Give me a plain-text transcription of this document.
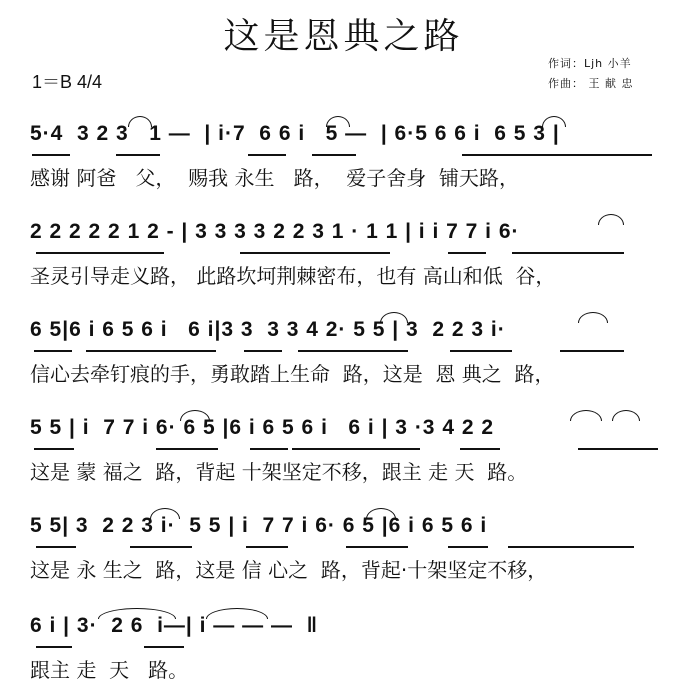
这是恩典之路
1＝B 4/4
作词：Ljh 小羊
作曲： 王 献 忠
5·4  3 2 3   1 —  | i·7  6 6 i   5 —  | 6·5 6 6 i  6 5 3 |
感谢 阿爸   父，  赐我 永生   路，  爱子舍身  铺天路，
2 2 2 2 2 1 2 - | 3 3 3 3 2 2 3 1 · 1 1 | i i 7 7 i 6·
圣灵引导走义路， 此路坎坷荆棘密布，也有 高山和低  谷，
6 5|6 i 6 5 6 i   6 i|3 3  3 3 4 2· 5 5 | 3  2 2 3 i·
信心去牵钉痕的手，勇敢踏上生命  路，这是  恩 典之  路，
5 5 | i  7 7 i 6· 6 5 |6 i 6 5 6 i   6 i | 3 ·3 4 2 2
这是 蒙 福之  路，背起 十架坚定不移，跟主 走 天  路。
5 5| 3  2 2 3 i·  5 5 | i  7 7 i 6· 6 5 |6 i 6 5 6 i
这是 永 生之  路，这是 信 心之  路，背起·十架坚定不移，
6 i | 3·  2 6  i—| i — — —  ‖
跟主 走  天   路。
